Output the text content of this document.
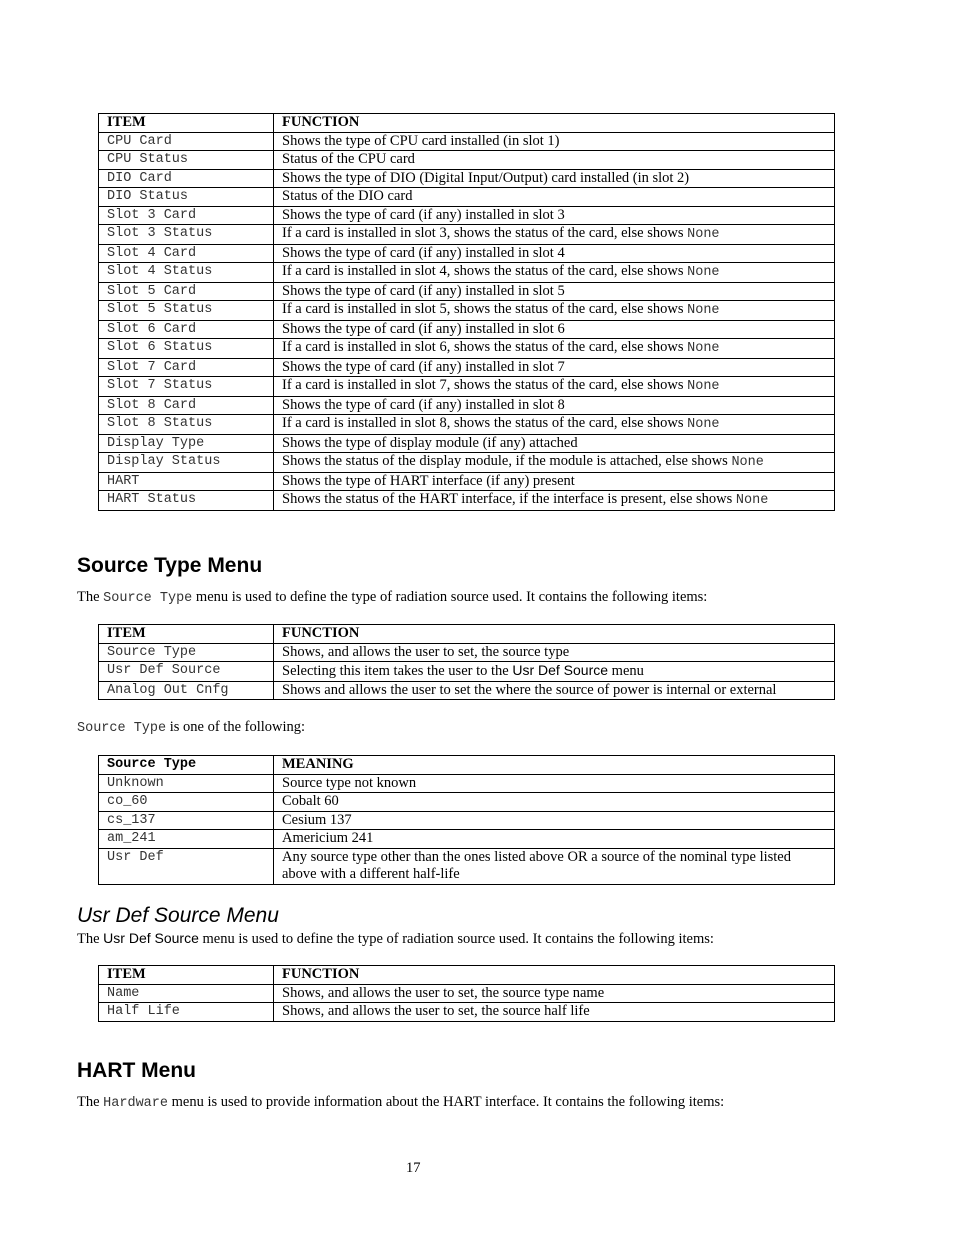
ITEM	FUNCTION
CPU Card	Shows the type of CPU card installed (in slot 1)
CPU Status	Status of the CPU card
DIO Card	Shows the type of DIO (Digital Input/Output) card installed (in slot 2)
DIO Status	Status of the DIO card
Slot 3 Card	Shows the type of card (if any) installed in slot 3
Slot 3 Status	If a card is installed in slot 3, shows the status of the card, else shows None
Slot 4 Card	Shows the type of card (if any) installed in slot 4
Slot 4 Status	If a card is installed in slot 4, shows the status of the card, else shows None
Slot 5 Card	Shows the type of card (if any) installed in slot 5
Slot 5 Status	If a card is installed in slot 5, shows the status of the card, else shows None
Slot 6 Card	Shows the type of card (if any) installed in slot 6
Slot 6 Status	If a card is installed in slot 6, shows the status of the card, else shows None
Slot 7 Card	Shows the type of card (if any) installed in slot 7
Slot 7 Status	If a card is installed in slot 7, shows the status of the card, else shows None
Slot 8 Card	Shows the type of card (if any) installed in slot 8
Slot 8 Status	If a card is installed in slot 8, shows the status of the card, else shows None
Display Type	Shows the type of display module (if any) attached
Display Status	Shows the status of the display module, if the module is attached, else shows None
HART	Shows the type of HART interface (if any) present
HART Status	Shows the status of the HART interface, if the interface is present, else shows None
Source Type Menu

The Source Type menu is used to define the type of radiation source used. It contains the following items:

ITEM	FUNCTION
Source Type	Shows, and allows the user to set, the source type
Usr Def Source	Selecting this item takes the user to the Usr Def Source menu
Analog Out Cnfg	Shows and allows the user to set the where the source of power is internal or external

Source Type is one of the following:

Source Type	MEANING
Unknown	Source type not known
co_60	Cobalt 60
cs_137	Cesium 137
am_241	Americium 241
Usr Def	Any source type other than the ones listed above OR a source of the nominal type listed above with a different half-life
Usr Def Source Menu

The Usr Def Source menu is used to define the type of radiation source used. It contains the following items:

ITEM	FUNCTION
Name	Shows, and allows the user to set, the source type name
Half Life	Shows, and allows the user to set, the source half life
HART Menu

The Hardware menu is used to provide information about the HART interface. It contains the following items:

17
